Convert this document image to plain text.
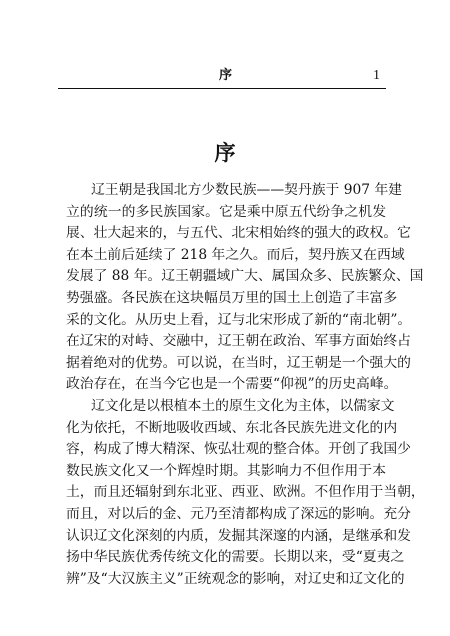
序	1
序
辽王朝是我国北方少数民族——契丹族于 907 年建
立的统一的多民族国家。它是乘中原五代纷争之机发
展、壮大起来的，与五代、北宋相始终的强大的政权。它
在本土前后延续了 218 年之久。而后，契丹族又在西域
发展了 88 年。辽王朝疆域广大、属国众多、民族繁众、国
势强盛。各民族在这块幅员万里的国土上创造了丰富多
采的文化。从历史上看，辽与北宋形成了新的“南北朝”。
在辽宋的对峙、交融中，辽王朝在政治、军事方面始终占
据着绝对的优势。可以说，在当时，辽王朝是一个强大的
政治存在，在当今它也是一个需要“仰视”的历史高峰。
辽文化是以根植本土的原生文化为主体，以儒家文
化为依托，不断地吸收西域、东北各民族先进文化的内
容，构成了博大精深、恢弘壮观的整合体。开创了我国少
数民族文化又一个辉煌时期。其影响力不但作用于本
土，而且还辐射到东北亚、西亚、欧洲。不但作用于当朝，
而且，对以后的金、元乃至清都构成了深远的影响。充分
认识辽文化深刻的内质，发掘其深邃的内涵，是继承和发
扬中华民族优秀传统文化的需要。长期以来，受“夏夷之
辨”及“大汉族主义”正统观念的影响，对辽史和辽文化的
